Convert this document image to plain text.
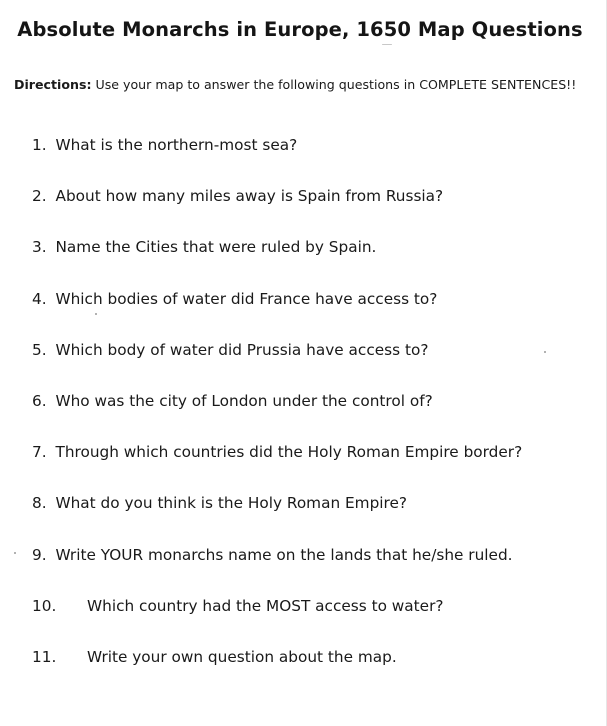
Absolute Monarchs in Europe, 1650 Map Questions
Directions: Use your map to answer the following questions in COMPLETE SENTENCES!!
1. What is the northern-most sea?
2. About how many miles away is Spain from Russia?
3. Name the Cities that were ruled by Spain.
4. Which bodies of water did France have access to?
5. Which body of water did Prussia have access to?
6. Who was the city of London under the control of?
7. Through which countries did the Holy Roman Empire border?
8. What do you think is the Holy Roman Empire?
9. Write YOUR monarchs name on the lands that he/she ruled.
10. Which country had the MOST access to water?
11. Write your own question about the map.
